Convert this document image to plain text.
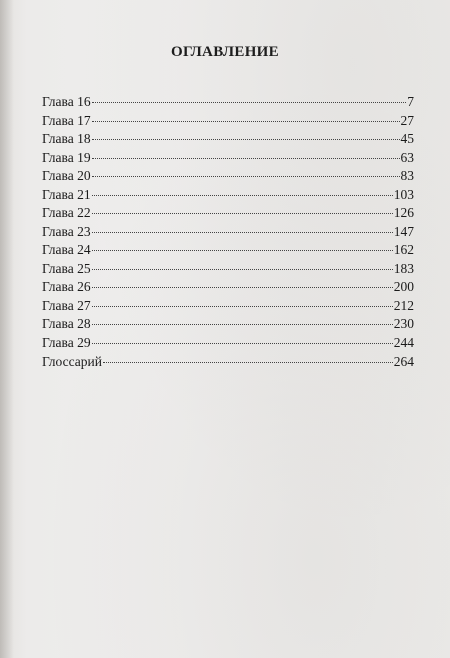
ОГЛАВЛЕНИЕ
Глава 16	7
Глава 17	27
Глава 18	45
Глава 19	63
Глава 20	83
Глава 21	103
Глава 22	126
Глава 23	147
Глава 24	162
Глава 25	183
Глава 26	200
Глава 27	212
Глава 28	230
Глава 29	244
Глоссарий	264
